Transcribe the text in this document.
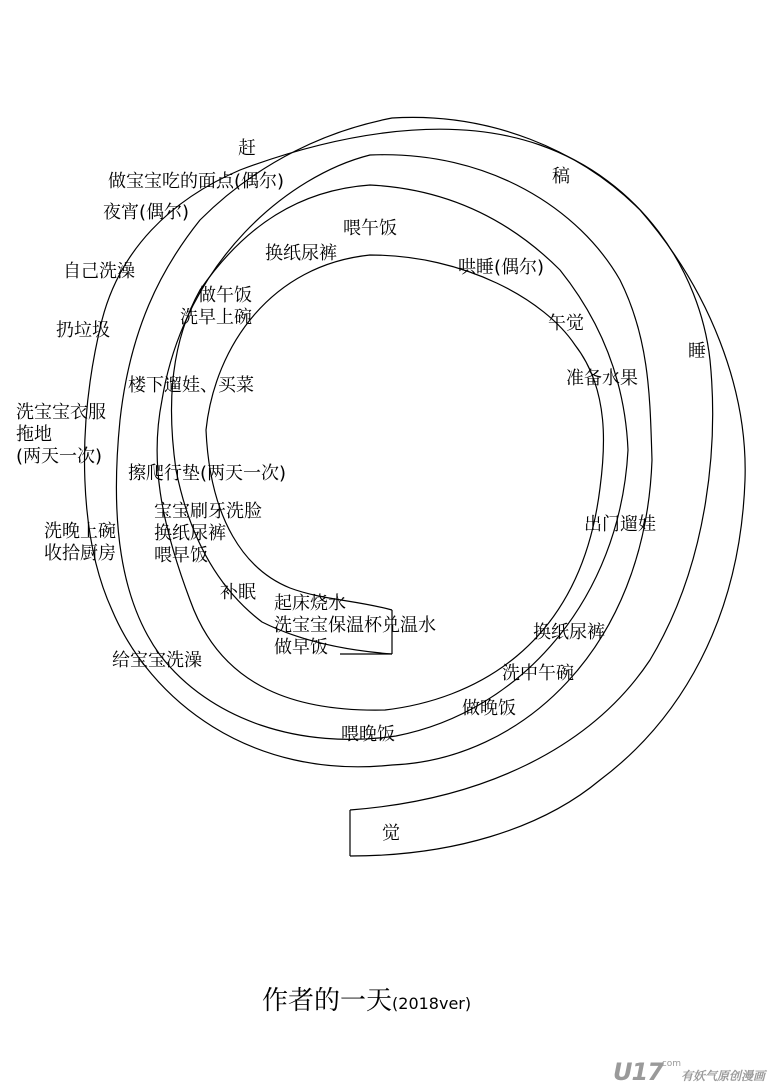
起床烧水
洗宝宝保温杯兑温水
做早饭
补眠
宝宝刷牙洗脸
换纸尿裤
喂早饭
擦爬行垫(两天一次)
楼下遛娃、买菜
做午饭
洗早上碗
换纸尿裤
喂午饭
哄睡(偶尔)
午觉
准备水果
出门遛娃
换纸尿裤
洗中午碗
做晚饭
喂晚饭
给宝宝洗澡
洗晚上碗
收拾厨房
洗宝宝衣服
拖地
(两天一次)
扔垃圾
自己洗澡
夜宵(偶尔)
做宝宝吃的面点(偶尔)
赶
稿
睡
觉
作者的一天(2018ver)
$U17^{.com}$有妖气原创漫画
